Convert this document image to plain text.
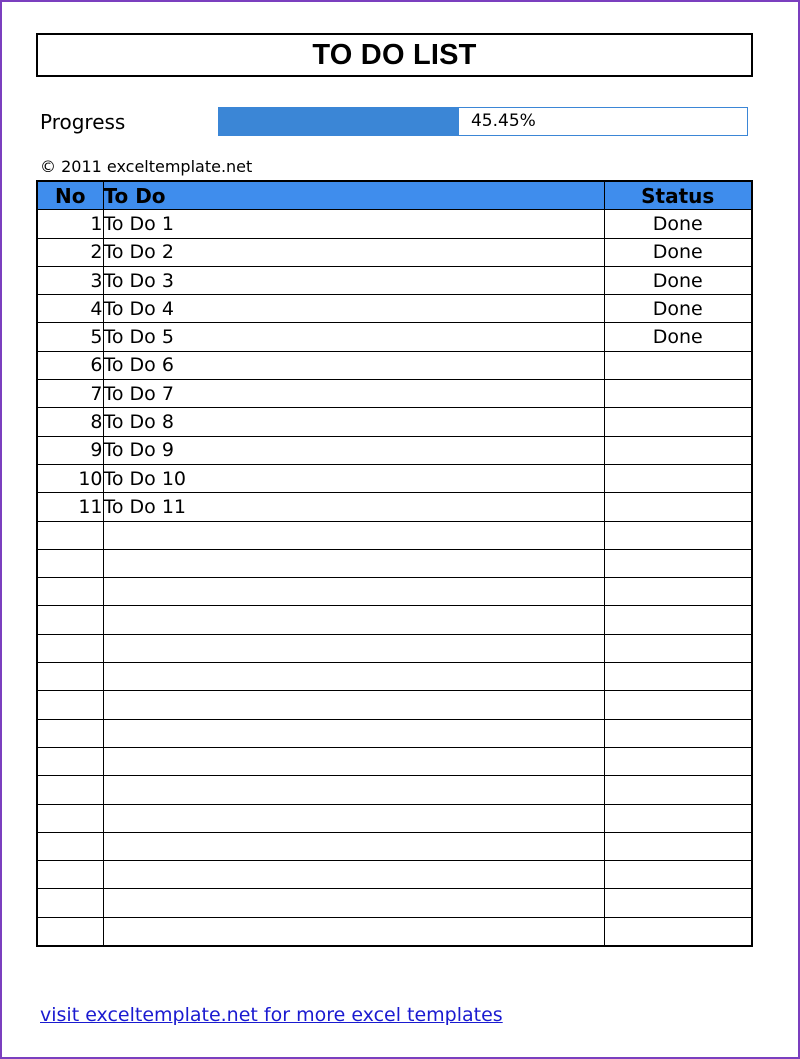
TO DO LIST
Progress	45.45%
© 2011 exceltemplate.net
No	To Do	Status
1	To Do 1	Done
2	To Do 2	Done
3	To Do 3	Done
4	To Do 4	Done
5	To Do 5	Done
6	To Do 6	
7	To Do 7	
8	To Do 8	
9	To Do 9	
10	To Do 10	
11	To Do 11	

visit exceltemplate.net for more excel templates
